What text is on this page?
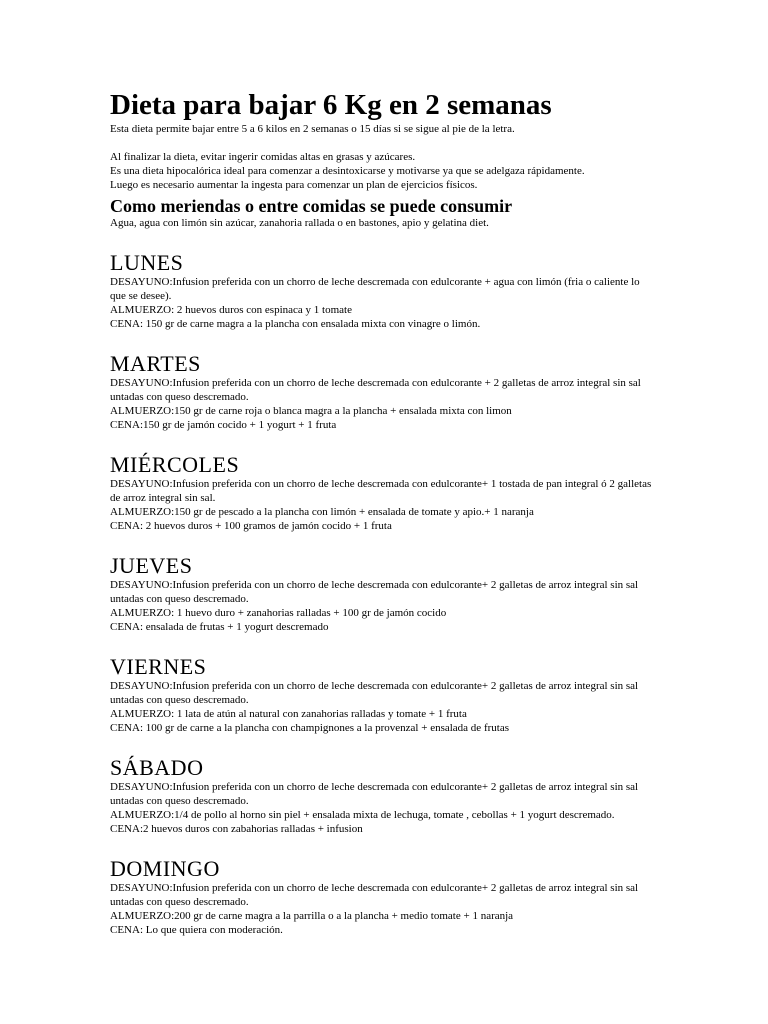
Dieta para bajar 6 Kg en 2 semanas

Esta dieta permite bajar entre 5 a 6 kilos en 2 semanas o 15 días si se sigue al pie de la letra.

Al finalizar la dieta, evitar ingerir comidas altas en grasas y azúcares.

Es una dieta hipocalórica ideal para comenzar a desintoxicarse y motivarse ya que se adelgaza rápidamente.

Luego es necesario aumentar la ingesta para comenzar un plan de ejercicios físicos.

Como meriendas o entre comidas se puede consumir

Agua, agua con limón sin azúcar, zanahoria rallada o en bastones, apio y gelatina diet.

LUNES

DESAYUNO:Infusion preferida con un chorro de leche descremada con edulcorante + agua con limón (fria o caliente lo que se desee).

ALMUERZO: 2 huevos duros con espinaca y 1 tomate

CENA: 150 gr de carne magra a la plancha con ensalada mixta con vinagre o limón.

MARTES

DESAYUNO:Infusion preferida con un chorro de leche descremada con edulcorante + 2 galletas de arroz integral sin sal untadas con queso descremado.

ALMUERZO:150 gr de carne roja o blanca magra a la plancha + ensalada mixta con limon

CENA:150 gr de jamón cocido + 1 yogurt + 1 fruta

MIÉRCOLES

DESAYUNO:Infusion preferida con un chorro de leche descremada con edulcorante+ 1 tostada de pan integral ó 2 galletas de arroz integral sin sal.

ALMUERZO:150 gr de pescado a la plancha con limón + ensalada de tomate y apio.+ 1 naranja

CENA: 2 huevos duros + 100 gramos de jamón cocido + 1 fruta

JUEVES

DESAYUNO:Infusion preferida con un chorro de leche descremada con edulcorante+ 2 galletas de arroz integral sin sal untadas con queso descremado.

ALMUERZO: 1 huevo duro + zanahorias ralladas + 100 gr de jamón cocido

CENA: ensalada de frutas + 1 yogurt descremado

VIERNES

DESAYUNO:Infusion preferida con un chorro de leche descremada con edulcorante+ 2 galletas de arroz integral sin sal untadas con queso descremado.

ALMUERZO: 1 lata de atún al natural con zanahorias ralladas y tomate + 1 fruta

CENA: 100 gr de carne a la plancha con champignones a la provenzal + ensalada de frutas

SÁBADO

DESAYUNO:Infusion preferida con un chorro de leche descremada con edulcorante+ 2 galletas de arroz integral sin sal untadas con queso descremado.

ALMUERZO:1/4 de pollo al horno sin piel + ensalada mixta de lechuga, tomate , cebollas + 1 yogurt descremado.

CENA:2 huevos duros con zabahorias ralladas + infusion

DOMINGO

DESAYUNO:Infusion preferida con un chorro de leche descremada con edulcorante+ 2 galletas de arroz integral sin sal untadas con queso descremado.

ALMUERZO:200 gr de carne magra a la parrilla o a la plancha + medio tomate + 1 naranja

CENA: Lo que quiera con moderación.
